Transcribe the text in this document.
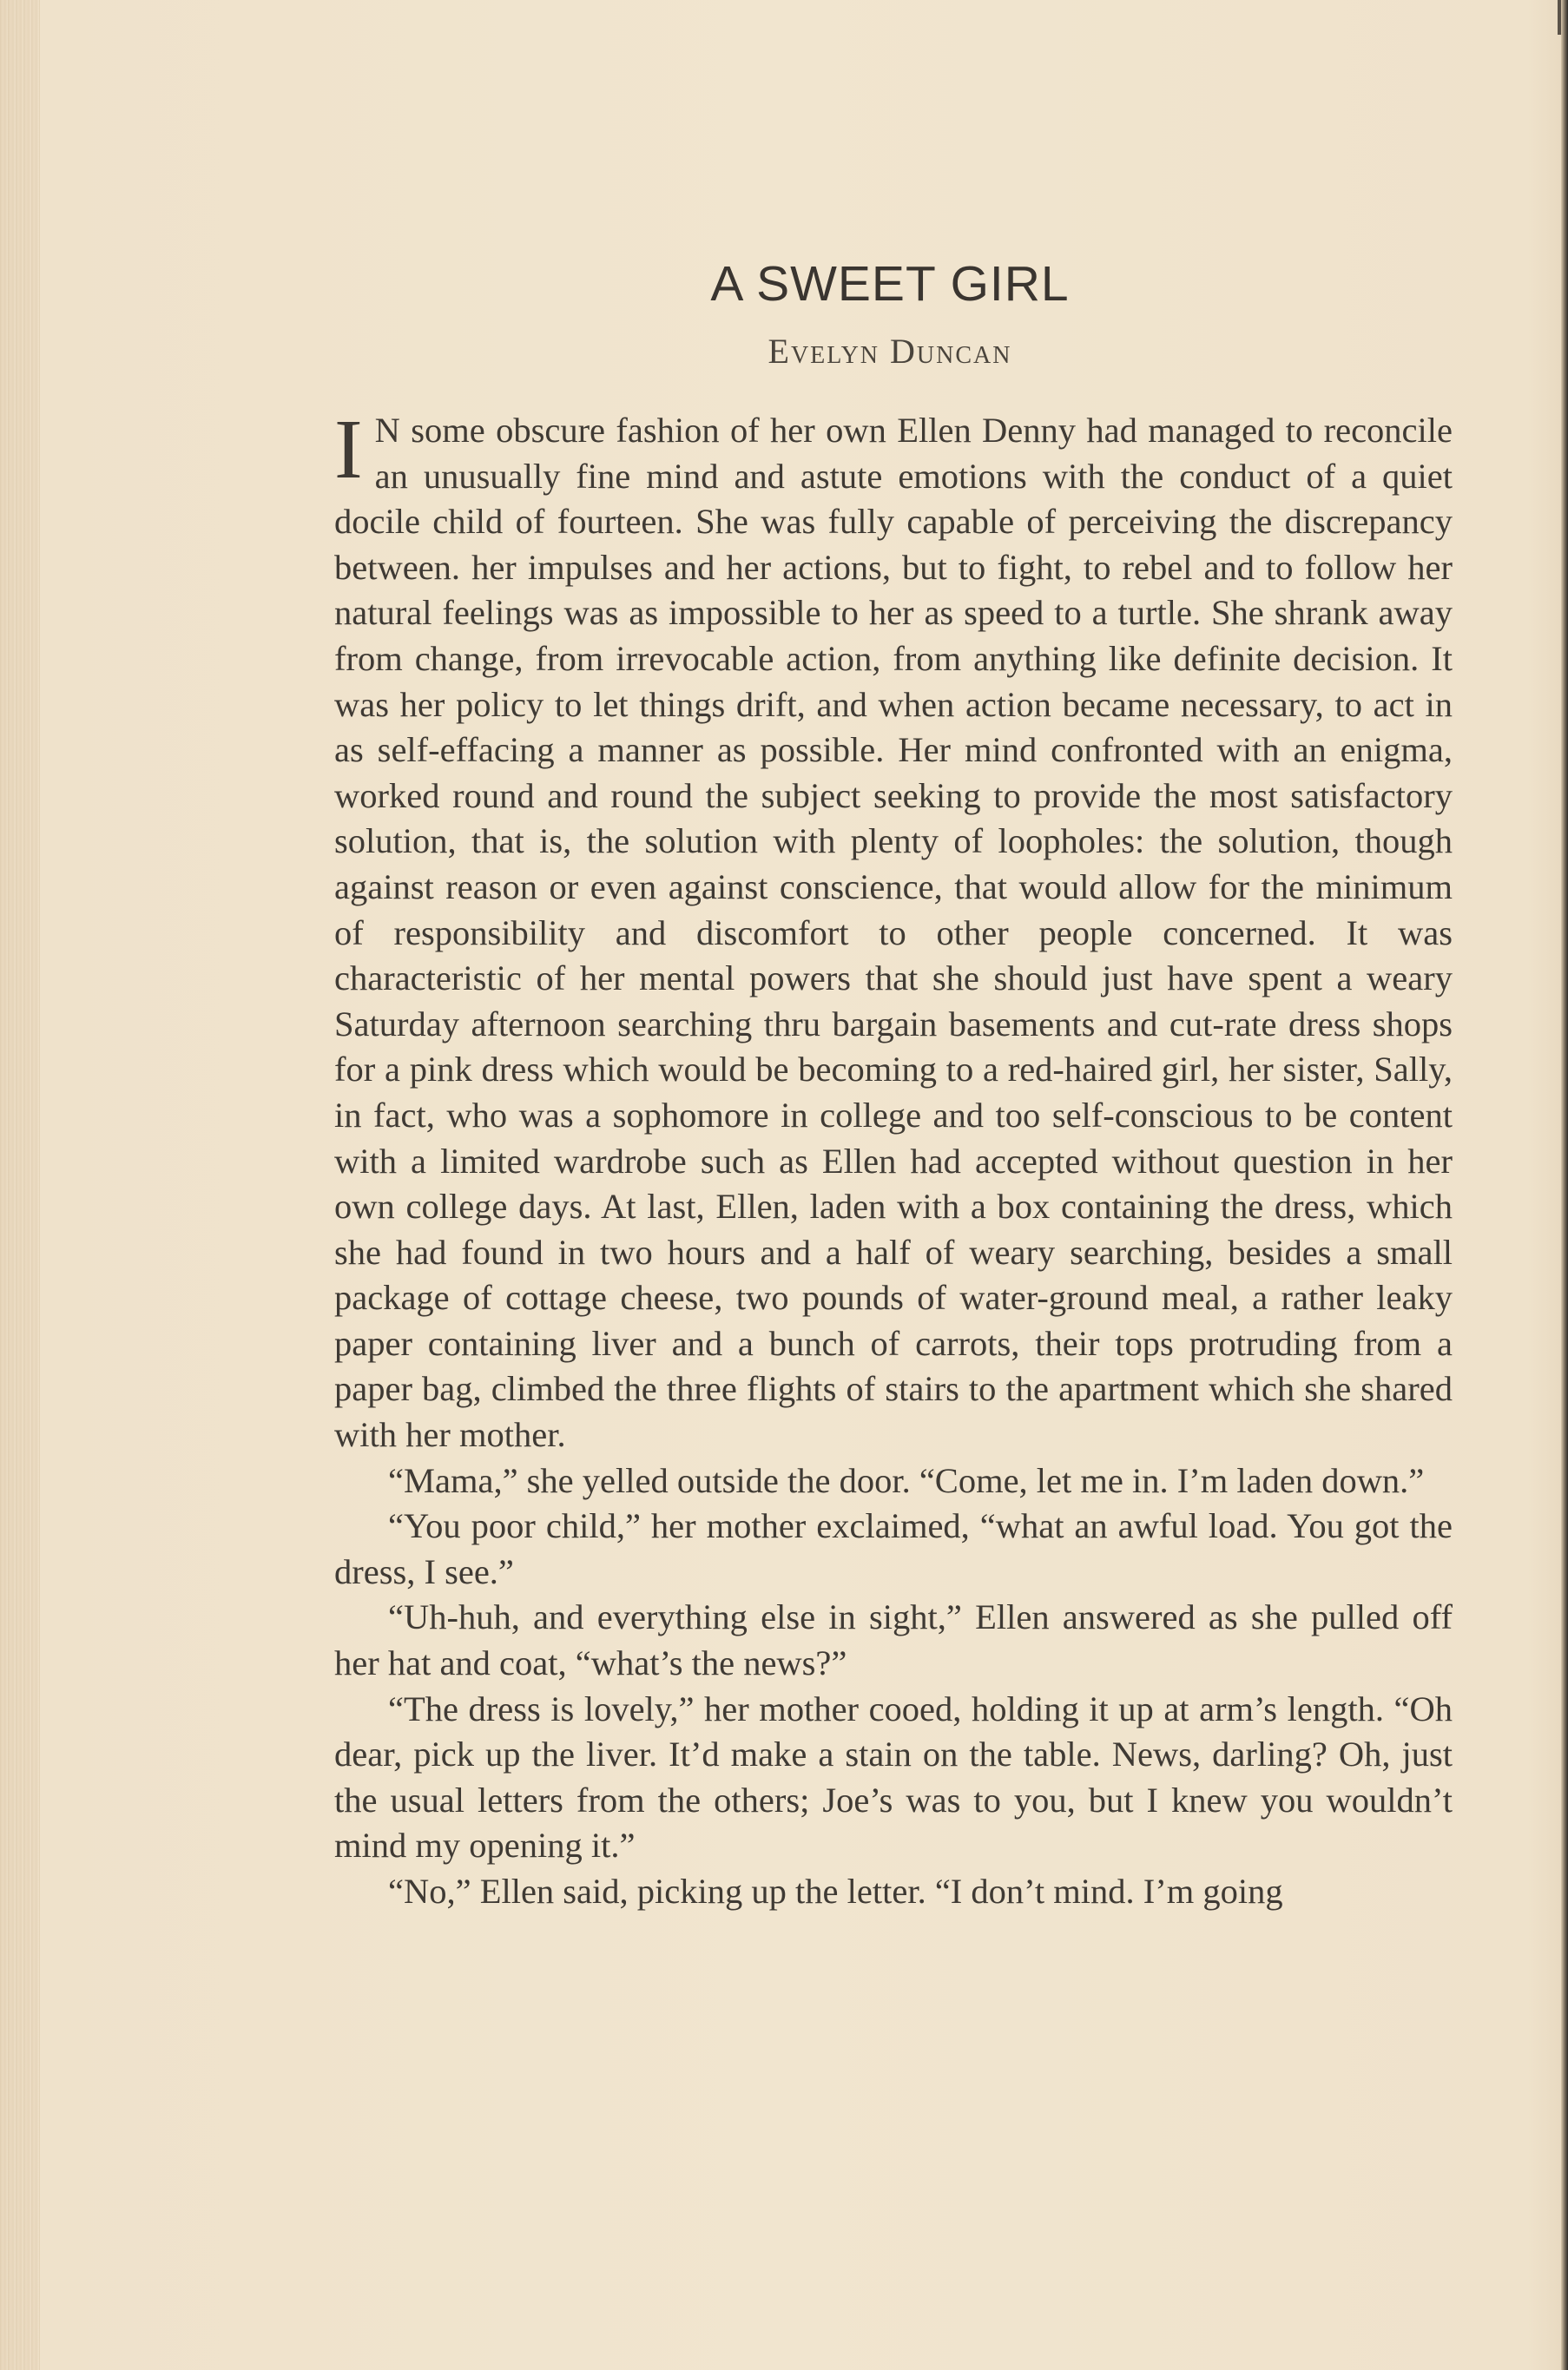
A SWEET GIRL
Evelyn Duncan

I N some obscure fashion of her own Ellen Denny had managed to reconcile an unusually fine mind and astute emotions with the conduct of a quiet docile child of fourteen. She was fully capable of perceiving the discrepancy between. her impulses and her actions, but to fight, to rebel and to follow her natural feelings was as impossible to her as speed to a turtle. She shrank away from change, from irrevocable action, from anything like definite decision. It was her policy to let things drift, and when action became necessary, to act in as self-effacing a manner as possible. Her mind confronted with an enigma, worked round and round the subject seeking to provide the most satisfactory solution, that is, the solution with plenty of loopholes: the solution, though against reason or even against conscience, that would allow for the minimum of responsibility and discomfort to other people concerned. It was characteristic of her mental powers that she should just have spent a weary Saturday afternoon searching thru bargain basements and cut-rate dress shops for a pink dress which would be becoming to a red-haired girl, her sister, Sally, in fact, who was a sophomore in college and too self-conscious to be content with a limited wardrobe such as Ellen had accepted without question in her own college days. At last, Ellen, laden with a box containing the dress, which she had found in two hours and a half of weary searching, besides a small package of cottage cheese, two pounds of water-ground meal, a rather leaky paper containing liver and a bunch of carrots, their tops protruding from a paper bag, climbed the three flights of stairs to the apartment which she shared with her mother.

“Mama,” she yelled outside the door. “Come, let me in. I’m laden down.”

“You poor child,” her mother exclaimed, “what an awful load. You got the dress, I see.”

“Uh-huh, and everything else in sight,” Ellen answered as she pulled off her hat and coat, “what’s the news?”

“The dress is lovely,” her mother cooed, holding it up at arm’s length. “Oh dear, pick up the liver. It’d make a stain on the table. News, darling? Oh, just the usual letters from the others; Joe’s was to you, but I knew you wouldn’t mind my opening it.”

“No,” Ellen said, picking up the letter. “I don’t mind. I’m going
